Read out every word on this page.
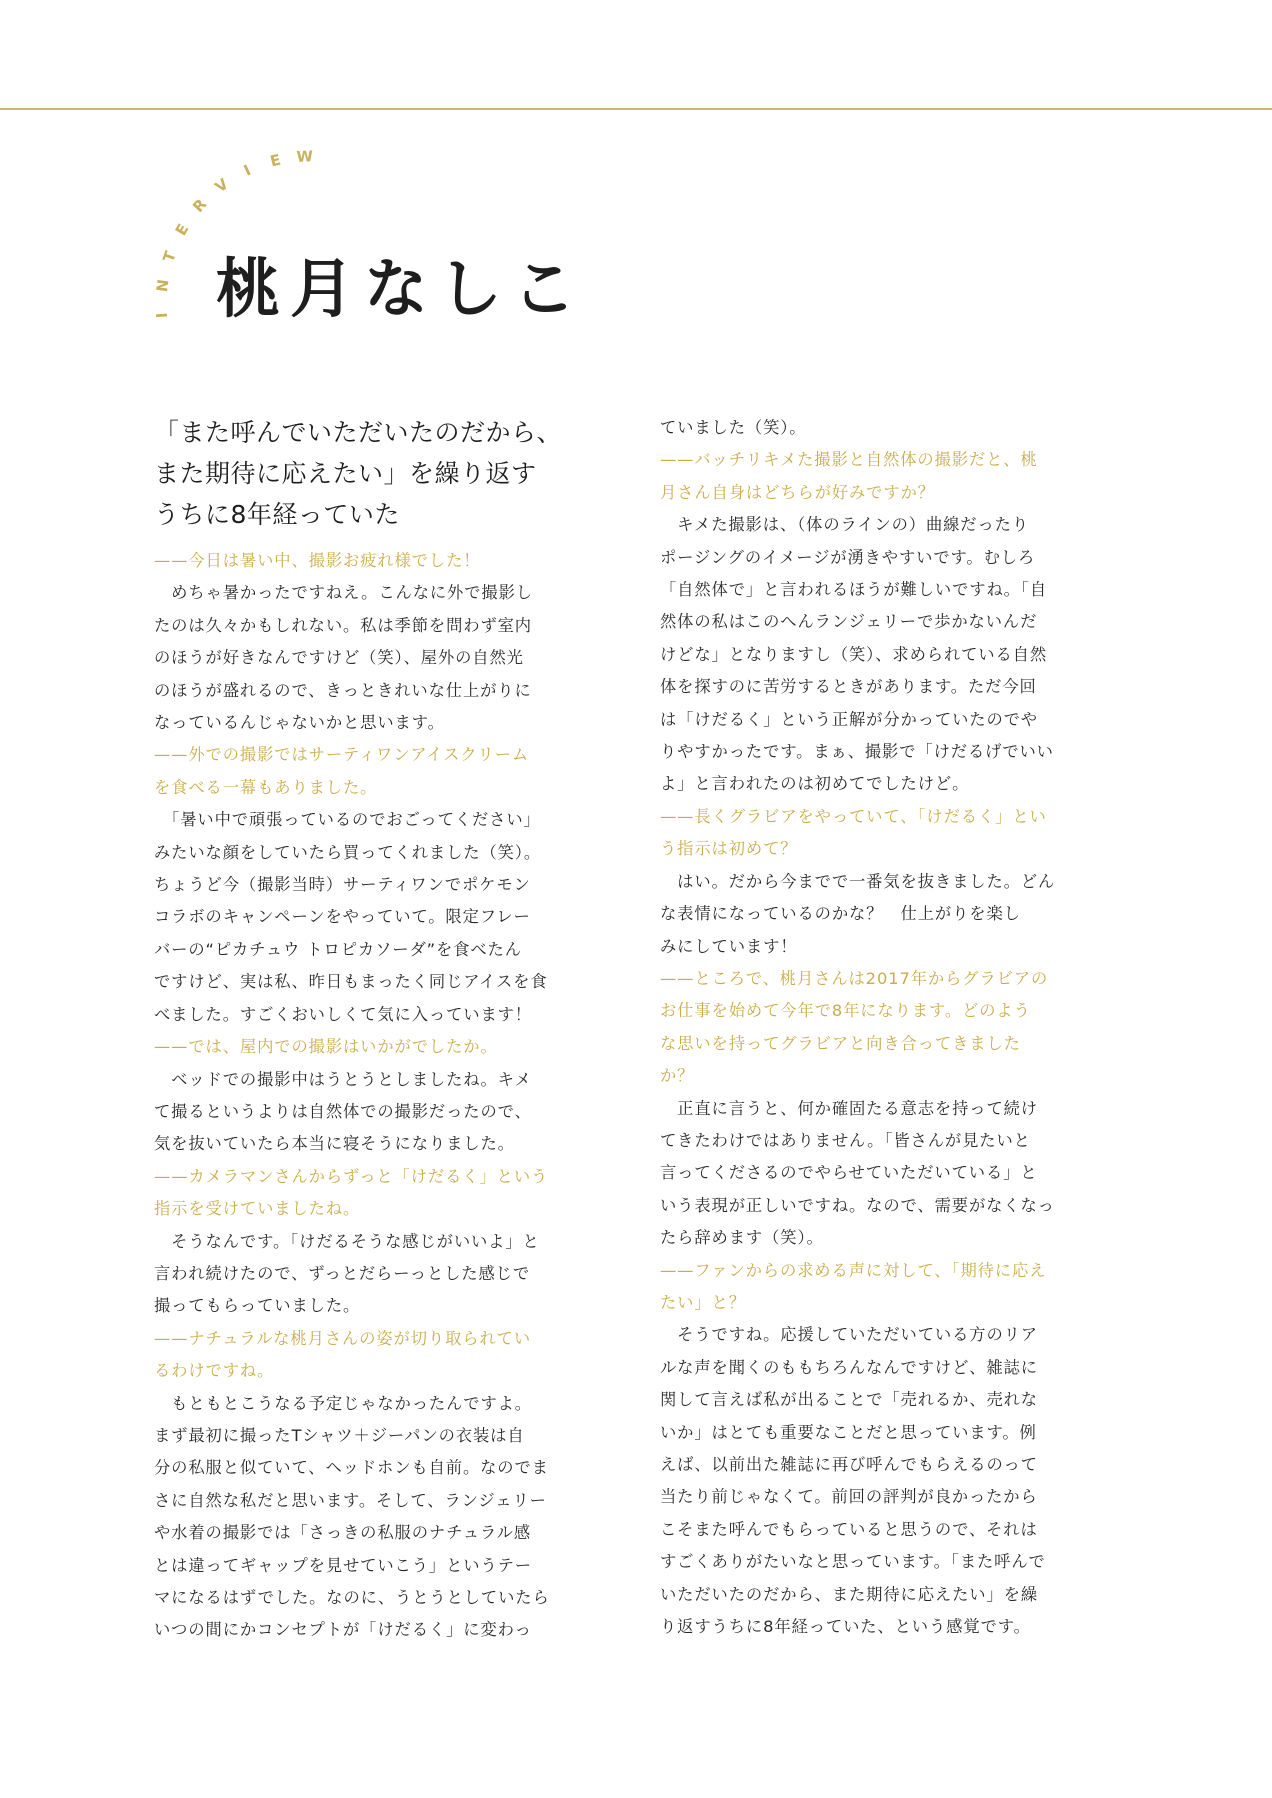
I
N
T
E
R
V
I E W
桃月なしこ
「また呼んでいただいたのだから、
また期待に応えたい」を繰り返す
うちに8年経っていた

——今日は暑い中、撮影お疲れ様でした！

　めちゃ暑かったですねえ。こんなに外で撮影し
たのは久々かもしれない。私は季節を問わず室内
のほうが好きなんですけど（笑）、屋外の自然光
のほうが盛れるので、きっときれいな仕上がりに
なっているんじゃないかと思います。

——外での撮影ではサーティワンアイスクリーム
を食べる一幕もありました。

　「暑い中で頑張っているのでおごってください」
みたいな顔をしていたら買ってくれました（笑）。
ちょうど今（撮影当時）サーティワンでポケモン
コラボのキャンペーンをやっていて。限定フレー
バーの“ピカチュウ トロピカソーダ”を食べたん
ですけど、実は私、昨日もまったく同じアイスを食
べました。すごくおいしくて気に入っています！

——では、屋内での撮影はいかがでしたか。

　ベッドでの撮影中はうとうとしましたね。キメ
て撮るというよりは自然体での撮影だったので、
気を抜いていたら本当に寝そうになりました。

——カメラマンさんからずっと「けだるく」という
指示を受けていましたね。

　そうなんです。「けだるそうな感じがいいよ」と
言われ続けたので、ずっとだらーっとした感じで
撮ってもらっていました。

——ナチュラルな桃月さんの姿が切り取られてい
るわけですね。

　もともとこうなる予定じゃなかったんですよ。
まず最初に撮ったTシャツ＋ジーパンの衣装は自
分の私服と似ていて、ヘッドホンも自前。なのでま
さに自然な私だと思います。そして、ランジェリー
や水着の撮影では「さっきの私服のナチュラル感
とは違ってギャップを見せていこう」というテー
マになるはずでした。なのに、うとうとしていたら
いつの間にかコンセプトが「けだるく」に変わっ

ていました（笑）。

——バッチリキメた撮影と自然体の撮影だと、桃
月さん自身はどちらが好みですか？

　キメた撮影は、（体のラインの）曲線だったり
ポージングのイメージが湧きやすいです。むしろ
「自然体で」と言われるほうが難しいですね。「自
然体の私はこのへんランジェリーで歩かないんだ
けどな」となりますし（笑）、求められている自然
体を探すのに苦労するときがあります。ただ今回
は「けだるく」という正解が分かっていたのでや
りやすかったです。まぁ、撮影で「けだるげでいい
よ」と言われたのは初めてでしたけど。

——長くグラビアをやっていて、「けだるく」とい
う指示は初めて？

　はい。だから今までで一番気を抜きました。どん
な表情になっているのかな？　仕上がりを楽し
みにしています！

——ところで、桃月さんは2017年からグラビアの
お仕事を始めて今年で8年になります。どのよう
な思いを持ってグラビアと向き合ってきました
か？

　正直に言うと、何か確固たる意志を持って続け
てきたわけではありません。「皆さんが見たいと
言ってくださるのでやらせていただいている」と
いう表現が正しいですね。なので、需要がなくなっ
たら辞めます（笑）。

——ファンからの求める声に対して、「期待に応え
たい」と？

　そうですね。応援していただいている方のリア
ルな声を聞くのももちろんなんですけど、雑誌に
関して言えば私が出ることで「売れるか、売れな
いか」はとても重要なことだと思っています。例
えば、以前出た雑誌に再び呼んでもらえるのって
当たり前じゃなくて。前回の評判が良かったから
こそまた呼んでもらっていると思うので、それは
すごくありがたいなと思っています。「また呼んで
いただいたのだから、また期待に応えたい」を繰
り返すうちに8年経っていた、という感覚です。
